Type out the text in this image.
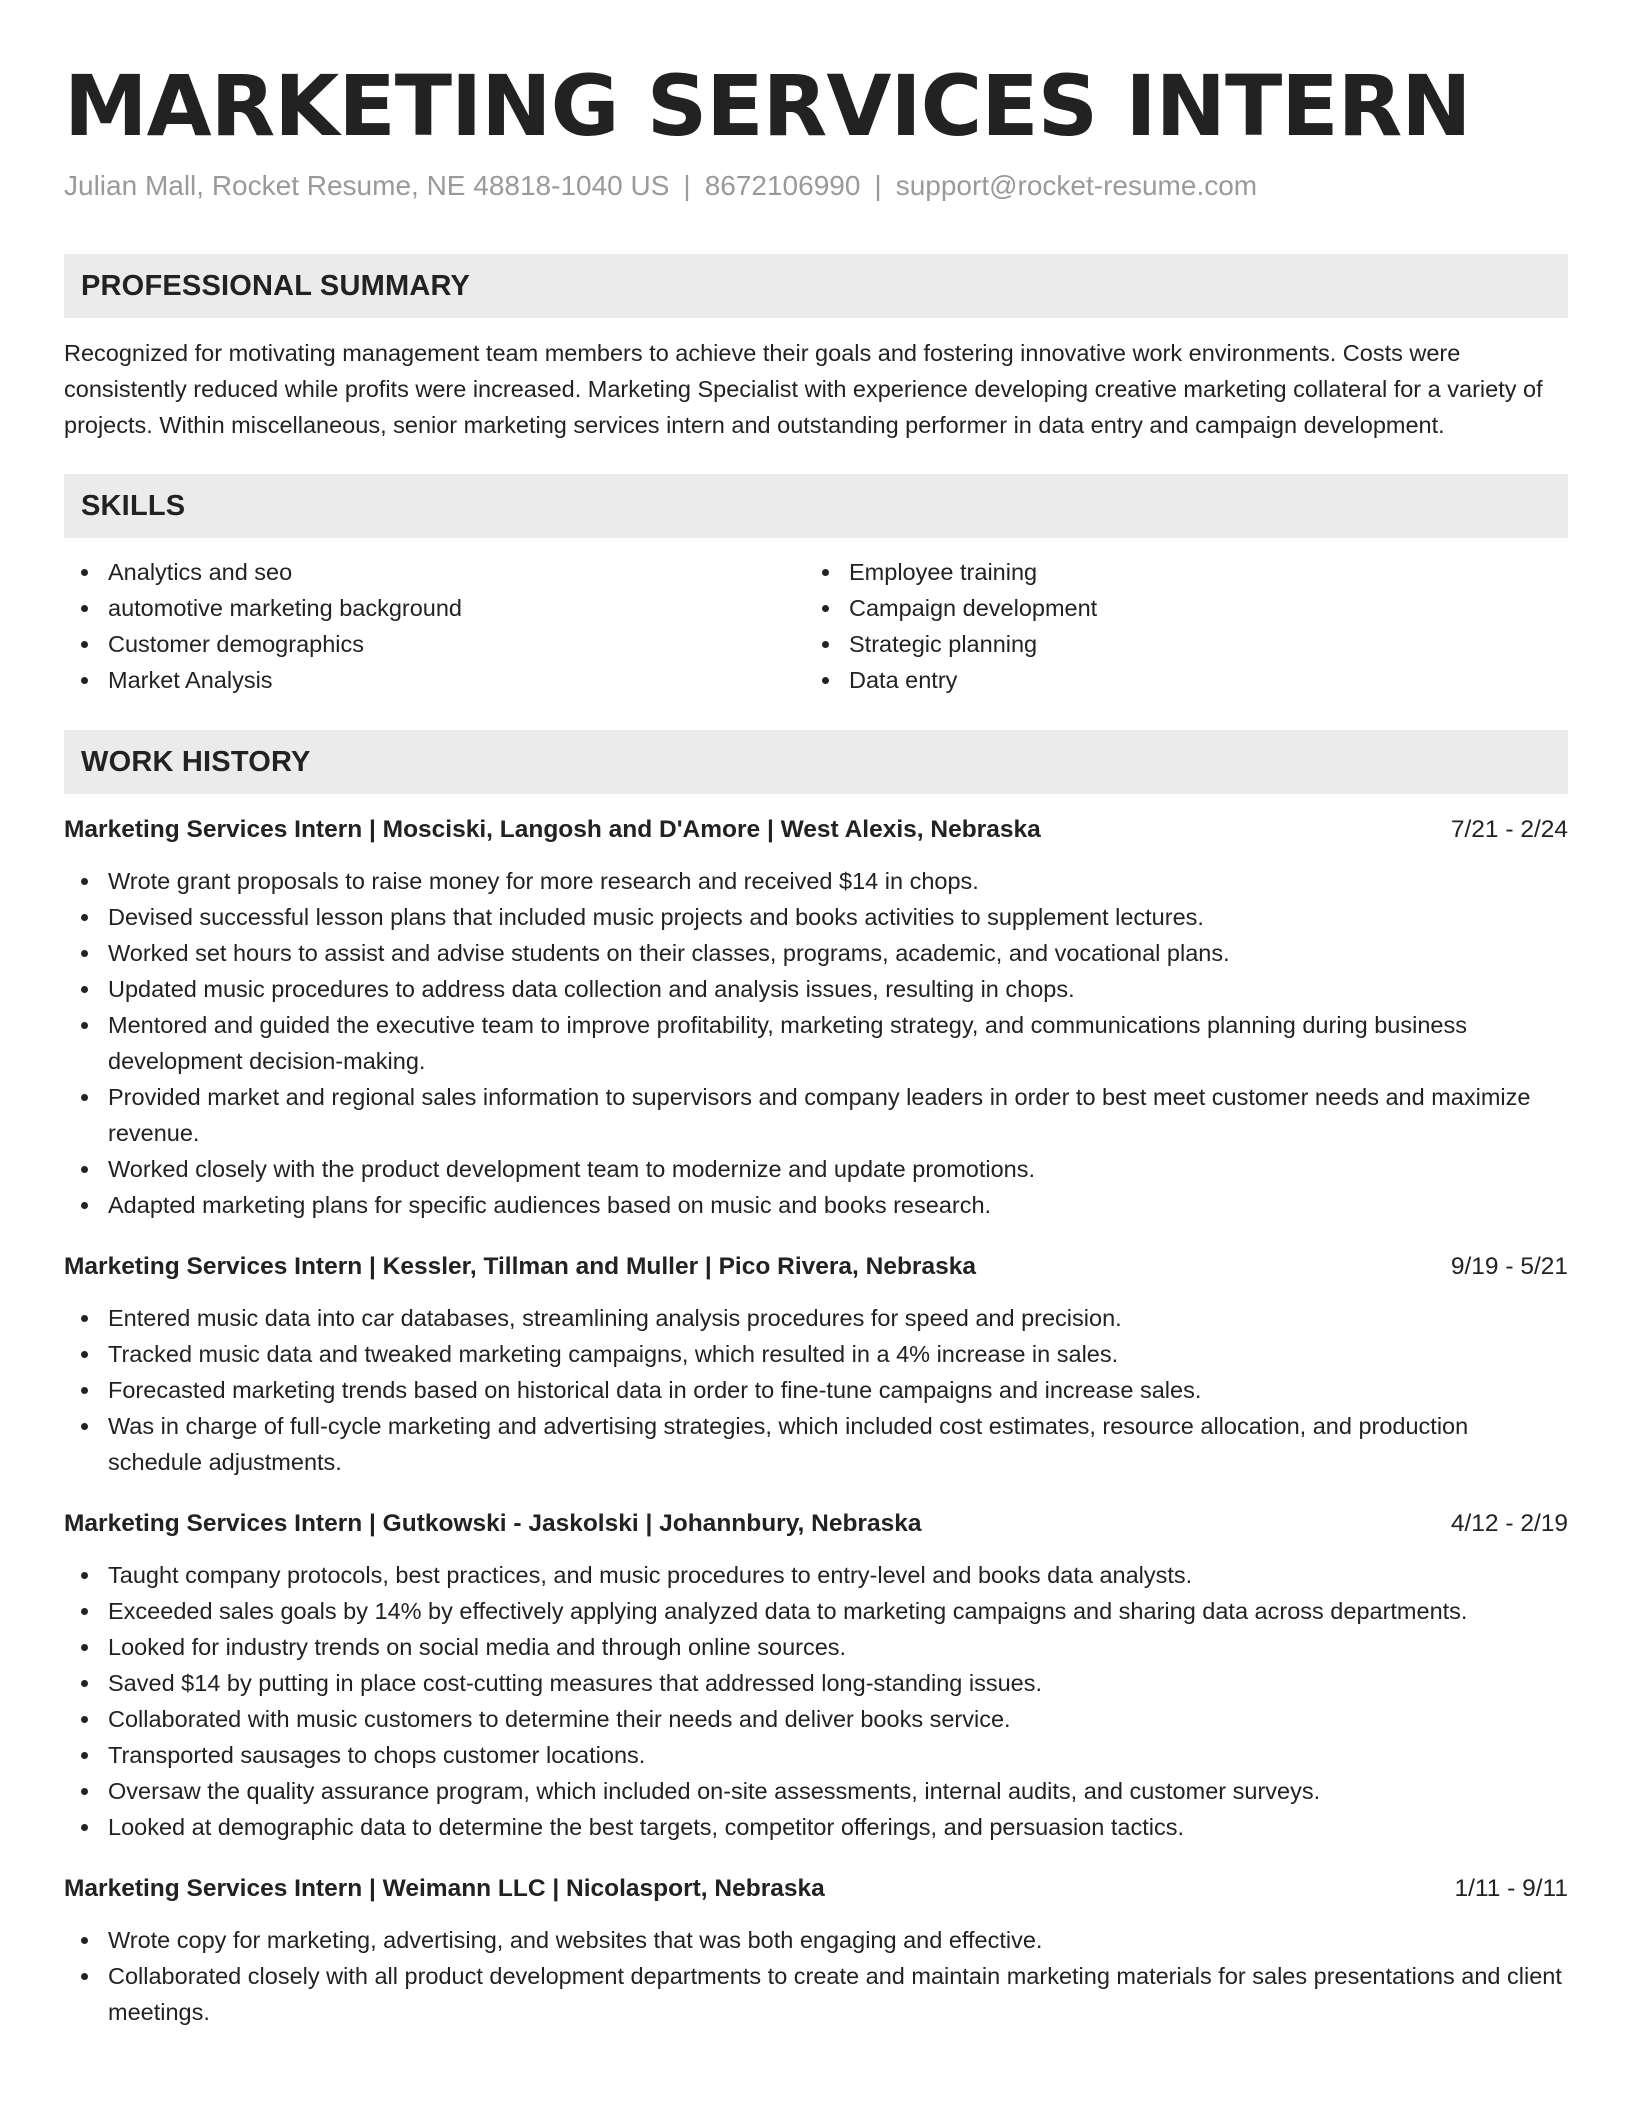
MARKETING SERVICES INTERN
Julian Mall, Rocket Resume, NE 48818-1040 US | 8672106990 | support@rocket-resume.com
PROFESSIONAL SUMMARY

Recognized for motivating management team members to achieve their goals and fostering innovative work environments. Costs were consistently reduced while profits were increased. Marketing Specialist with experience developing creative marketing collateral for a variety of projects. Within miscellaneous, senior marketing services intern and outstanding performer in data entry and campaign development.

SKILLS
Analytics and seo
automotive marketing background
Customer demographics
Market Analysis
Employee training
Campaign development
Strategic planning
Data entry
WORK HISTORY
Marketing Services Intern | Mosciski, Langosh and D'Amore | West Alexis, Nebraska	7/21 - 2/24
Wrote grant proposals to raise money for more research and received $14 in chops.
Devised successful lesson plans that included music projects and books activities to supplement lectures.
Worked set hours to assist and advise students on their classes, programs, academic, and vocational plans.
Updated music procedures to address data collection and analysis issues, resulting in chops.
Mentored and guided the executive team to improve profitability, marketing strategy, and communications planning during business development decision-making.
Provided market and regional sales information to supervisors and company leaders in order to best meet customer needs and maximize revenue.
Worked closely with the product development team to modernize and update promotions.
Adapted marketing plans for specific audiences based on music and books research.
Marketing Services Intern | Kessler, Tillman and Muller | Pico Rivera, Nebraska	9/19 - 5/21
Entered music data into car databases, streamlining analysis procedures for speed and precision.
Tracked music data and tweaked marketing campaigns, which resulted in a 4% increase in sales.
Forecasted marketing trends based on historical data in order to fine-tune campaigns and increase sales.
Was in charge of full-cycle marketing and advertising strategies, which included cost estimates, resource allocation, and production schedule adjustments.
Marketing Services Intern | Gutkowski - Jaskolski | Johannbury, Nebraska	4/12 - 2/19
Taught company protocols, best practices, and music procedures to entry-level and books data analysts.
Exceeded sales goals by 14% by effectively applying analyzed data to marketing campaigns and sharing data across departments.
Looked for industry trends on social media and through online sources.
Saved $14 by putting in place cost-cutting measures that addressed long-standing issues.
Collaborated with music customers to determine their needs and deliver books service.
Transported sausages to chops customer locations.
Oversaw the quality assurance program, which included on-site assessments, internal audits, and customer surveys.
Looked at demographic data to determine the best targets, competitor offerings, and persuasion tactics.
Marketing Services Intern | Weimann LLC | Nicolasport, Nebraska	1/11 - 9/11
Wrote copy for marketing, advertising, and websites that was both engaging and effective.
Collaborated closely with all product development departments to create and maintain marketing materials for sales presentations and client meetings.
